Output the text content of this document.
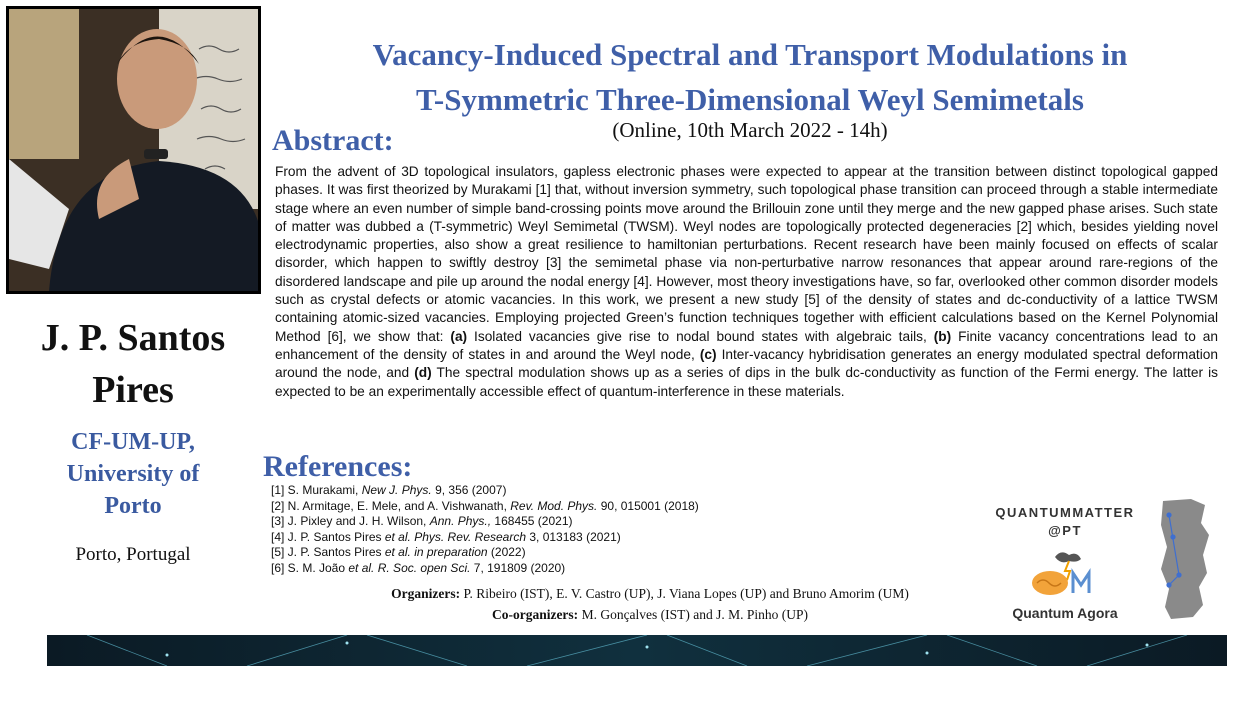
J. P. Santos
Pires
CF-UM-UP,
University of
Porto
Porto, Portugal
Vacancy-Induced Spectral and Transport Modulations in
T-Symmetric Three-Dimensional Weyl Semimetals
(Online, 10th March 2022 - 14h)
Abstract:

From the advent of 3D topological insulators, gapless electronic phases were expected to appear at the transition between distinct topological gapped phases. It was first theorized by Murakami [1] that, without inversion symmetry, such topological phase transition can proceed through a stable intermediate stage where an even number of simple band-crossing points move around the Brillouin zone until they merge and the new gapped phase arises. Such state of matter was dubbed a (T-symmetric) Weyl Semimetal (TWSM). Weyl nodes are topologically protected degeneracies [2] which, besides yielding novel electrodynamic properties, also show a great resilience to hamiltonian perturbations. Recent research have been mainly focused on effects of scalar disorder, which happen to swiftly destroy [3] the semimetal phase via non-perturbative narrow resonances that appear around rare-regions of the disordered landscape and pile up around the nodal energy [4]. However, most theory investigations have, so far, overlooked other common disorder models such as crystal defects or atomic vacancies. In this work, we present a new study [5] of the density of states and dc-conductivity of a lattice TWSM containing atomic-sized vacancies. Employing projected Green’s function techniques together with efficient calculations based on the Kernel Polynomial Method [6], we show that: (a) Isolated vacancies give rise to nodal bound states with algebraic tails, (b) Finite vacancy concentrations lead to an enhancement of the density of states in and around the Weyl node, (c) Inter-vacancy hybridisation generates an energy modulated spectral deformation around the node, and (d) The spectral modulation shows up as a series of dips in the bulk dc-conductivity as function of the Fermi energy. The latter is expected to be an experimentally accessible effect of quantum-interference in these materials.

References:
[1] S. Murakami, New J. Phys. 9, 356 (2007)
[2] N. Armitage, E. Mele, and A. Vishwanath, Rev. Mod. Phys. 90, 015001 (2018)
[3] J. Pixley and J. H. Wilson, Ann. Phys., 168455 (2021)
[4] J. P. Santos Pires et al. Phys. Rev. Research 3, 013183 (2021)
[5] J. P. Santos Pires et al. in preparation (2022)
[6] S. M. João et al. R. Soc. open Sci. 7, 191809 (2020)
Organizers: P. Ribeiro (IST), E. V. Castro (UP), J. Viana Lopes (UP) and Bruno Amorim (UM)
Co-organizers: M. Gonçalves (IST) and J. M. Pinho (UP)
QUANTUMMATTER
@PT
Quantum Agora
